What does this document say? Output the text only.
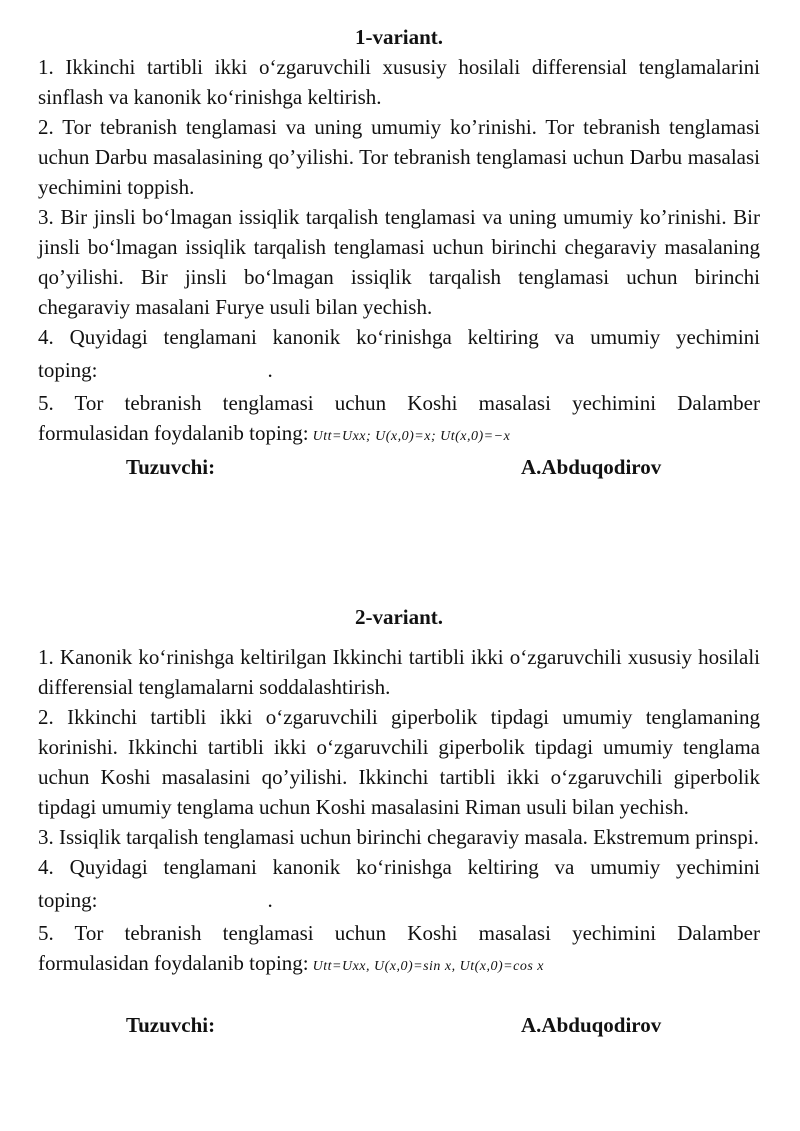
1-variant.

1. Ikkinchi tartibli ikki o‘zgaruvchili xususiy hosilali differensial tenglamalarini sinflash va kanonik ko‘rinishga keltirish.

2. Tor tebranish tenglamasi va uning umumiy ko’rinishi. Tor tebranish tenglamasi uchun Darbu masalasining qo’yilishi. Tor tebranish tenglamasi uchun Darbu masalasi yechimini toppish.

3. Bir jinsli bo‘lmagan issiqlik tarqalish tenglamasi va uning umumiy ko’rinishi. Bir jinsli bo‘lmagan issiqlik tarqalish tenglamasi uchun birinchi chegaraviy masalaning qo’yilishi. Bir jinsli bo‘lmagan issiqlik tarqalish tenglamasi uchun birinchi chegaraviy masalani Furye usuli bilan yechish.

4. Quyidagi tenglamani kanonik ko‘rinishga keltiring va umumiy yechimini

toping:	.

5. Tor tebranish tenglamasi uchun Koshi masalasi yechimini Dalamber

formulasidan foydalanib toping: Utt=Uxx; U(x,0)=x; Ut(x,0)=−x

Tuzuvchi:	A.Abduqodirov

2-variant.

1. Kanonik ko‘rinishga keltirilgan Ikkinchi tartibli ikki o‘zgaruvchili xususiy hosilali differensial tenglamalarni soddalashtirish.

2. Ikkinchi tartibli ikki o‘zgaruvchili giperbolik tipdagi umumiy tenglamaning korinishi. Ikkinchi tartibli ikki o‘zgaruvchili giperbolik tipdagi umumiy tenglama uchun Koshi masalasini qo’yilishi. Ikkinchi tartibli ikki o‘zgaruvchili giperbolik tipdagi umumiy tenglama uchun Koshi masalasini Riman usuli bilan yechish.

3. Issiqlik tarqalish tenglamasi uchun birinchi chegaraviy masala. Ekstremum prinspi.

4. Quyidagi tenglamani kanonik ko‘rinishga keltiring va umumiy yechimini

toping:	.

5. Tor tebranish tenglamasi uchun Koshi masalasi yechimini Dalamber

formulasidan foydalanib toping: Utt=Uxx, U(x,0)=sin x, Ut(x,0)=cos x

Tuzuvchi:	A.Abduqodirov
